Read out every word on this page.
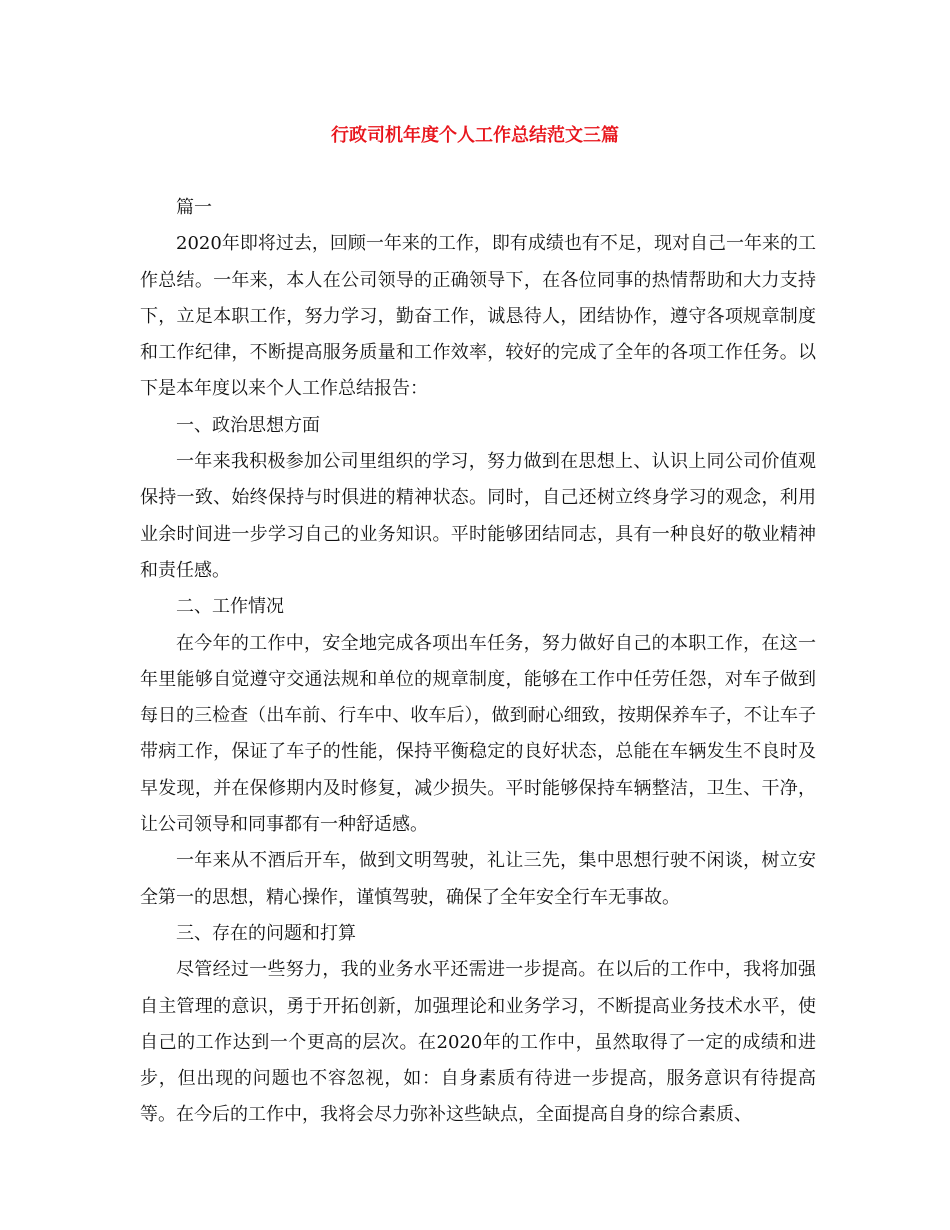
行政司机年度个人工作总结范文三篇

篇一

2020年即将过去，回顾一年来的工作，即有成绩也有不足，现对自己一年来的工作总结。一年来，本人在公司领导的正确领导下，在各位同事的热情帮助和大力支持下，立足本职工作，努力学习，勤奋工作，诚恳待人，团结协作，遵守各项规章制度和工作纪律，不断提高服务质量和工作效率，较好的完成了全年的各项工作任务。以下是本年度以来个人工作总结报告：

一、政治思想方面

一年来我积极参加公司里组织的学习，努力做到在思想上、认识上同公司价值观保持一致、始终保持与时俱进的精神状态。同时，自己还树立终身学习的观念，利用业余时间进一步学习自己的业务知识。平时能够团结同志，具有一种良好的敬业精神和责任感。

二、工作情况

在今年的工作中，安全地完成各项出车任务，努力做好自己的本职工作，在这一年里能够自觉遵守交通法规和单位的规章制度，能够在工作中任劳任怨，对车子做到每日的三检查（出车前、行车中、收车后），做到耐心细致，按期保养车子，不让车子带病工作，保证了车子的性能，保持平衡稳定的良好状态，总能在车辆发生不良时及早发现，并在保修期内及时修复，减少损失。平时能够保持车辆整洁，卫生、干净，让公司领导和同事都有一种舒适感。

一年来从不酒后开车，做到文明驾驶，礼让三先，集中思想行驶不闲谈，树立安全第一的思想，精心操作，谨慎驾驶，确保了全年安全行车无事故。

三、存在的问题和打算

尽管经过一些努力，我的业务水平还需进一步提高。在以后的工作中，我将加强自主管理的意识，勇于开拓创新，加强理论和业务学习，不断提高业务技术水平，使自己的工作达到一个更高的层次。在2020年的工作中，虽然取得了一定的成绩和进步，但出现的问题也不容忽视，如：自身素质有待进一步提高，服务意识有待提高等。在今后的工作中，我将会尽力弥补这些缺点，全面提高自身的综合素质、
